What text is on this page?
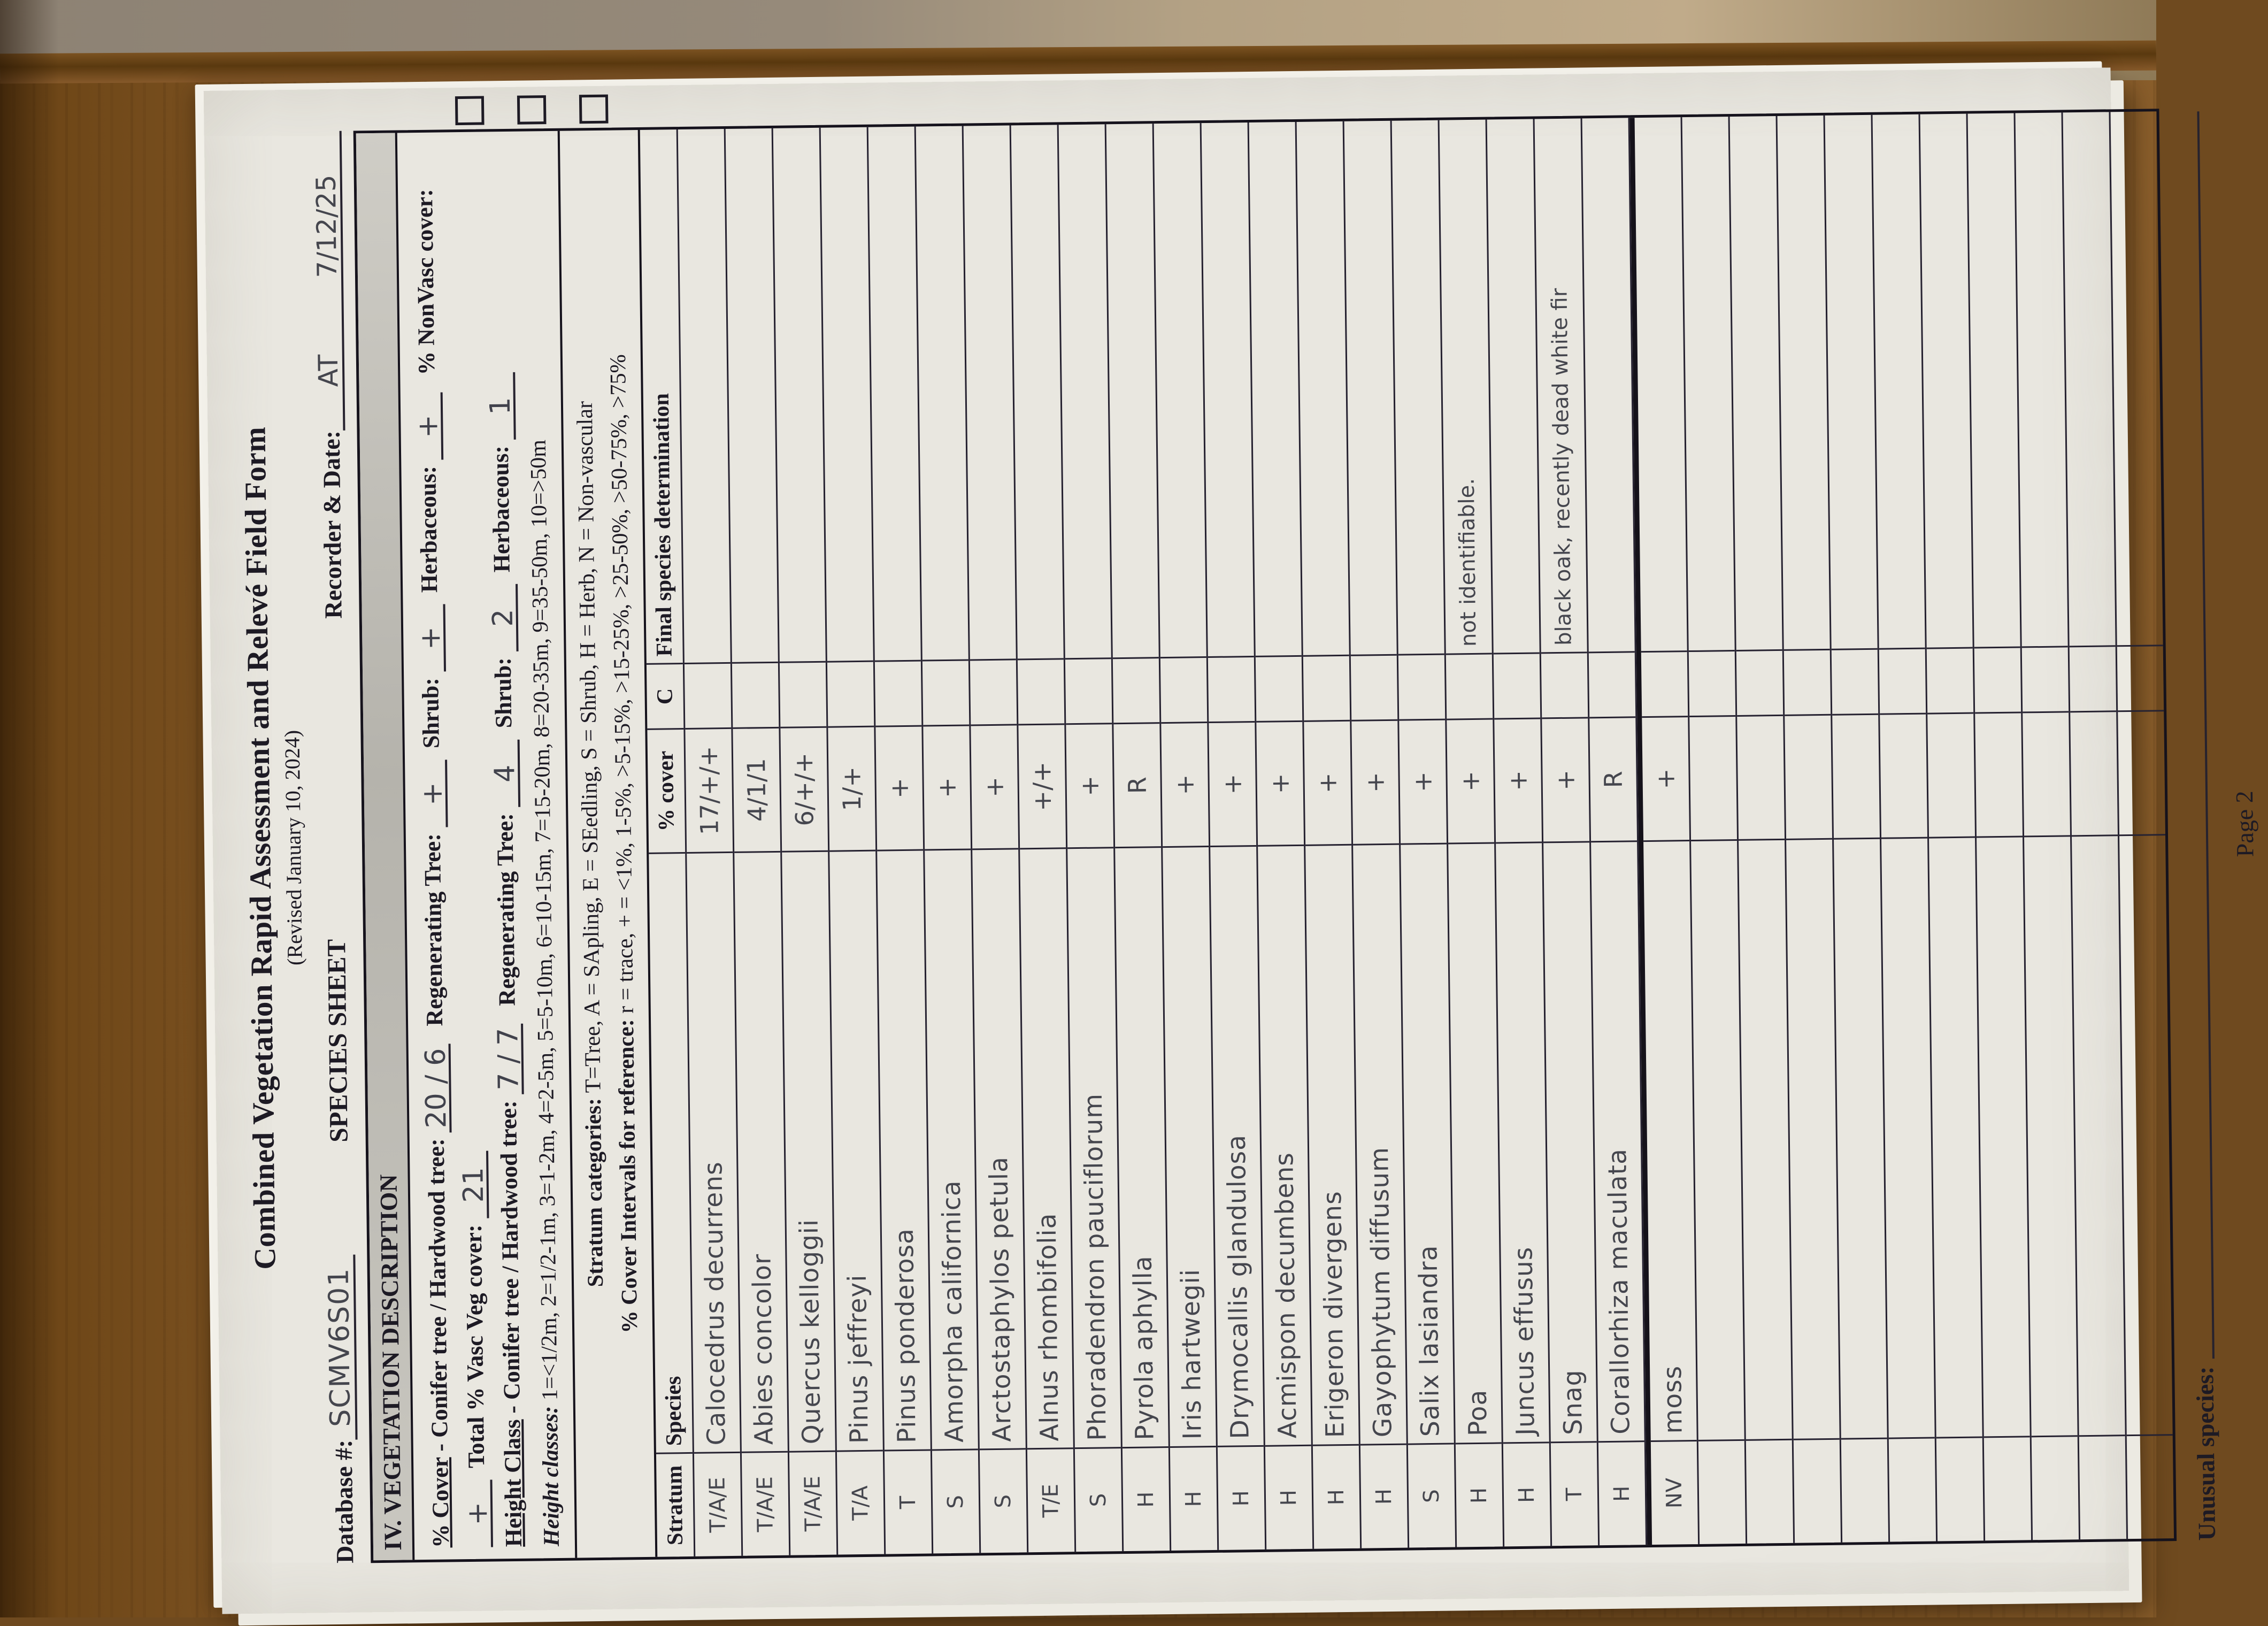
Combined Vegetation Rapid Assessment and Relevé Field Form
(Revised January 10, 2024)
Database #:
SCMV6S01
SPECIES SHEET
Recorder & Date:
AT
7/12/25
IV. VEGETATION DESCRIPTION % Cover - Conifer tree / Hardwood tree: 20 / 6   Regenerating Tree: +  Shrub: +  Herbaceous: +   % NonVasc cover: +  Total % Vasc Veg cover: 21
Height Class - Conifer tree / Hardwood tree: 7 / 7   Regenerating Tree: 4  Shrub: 2  Herbaceous: 1
Height classes: 1=<1/2m, 2=1/2-1m, 3=1-2m, 4=2-5m, 5=5-10m, 6=10-15m, 7=15-20m, 8=20-35m, 9=35-50m, 10=>50m Stratum categories: T=Tree, A = SApling, E = SEedling, S = Shrub, H = Herb, N = Non-vascular
% Cover Intervals for reference: r = trace, + = <1%, 1-5%, >5-15%, >15-25%, >25-50%, >50-75%, >75%
Stratum
Species
% cover
C
Final species determination
T/A/E
Calocedrus decurrens
17/+/+
T/A/E
Abies concolor
4/1/1
T/A/E
Quercus kelloggii
6/+/+
T/A
Pinus jeffreyi
1/+
T
Pinus ponderosa
+
S
Amorpha californica
+
S
Arctostaphylos petula
+
T/E
Alnus rhombifolia
+/+
S
Phoradendron pauciflorum
+
H
Pyrola aphylla
R
H
Iris hartwegii
+
H
Drymocallis glandulosa
+
H
Acmispon decumbens
+
H
Erigeron divergens
+
H
Gayophytum diffusum
+
S
Salix lasiandra
+
H
Poa
+
not identifiable.
H
Juncus effusus
+
T
Snag
+
black oak, recently dead white fir
H
Corallorhiza maculata
R
NV
moss
+
Unusual species:
Page 2
